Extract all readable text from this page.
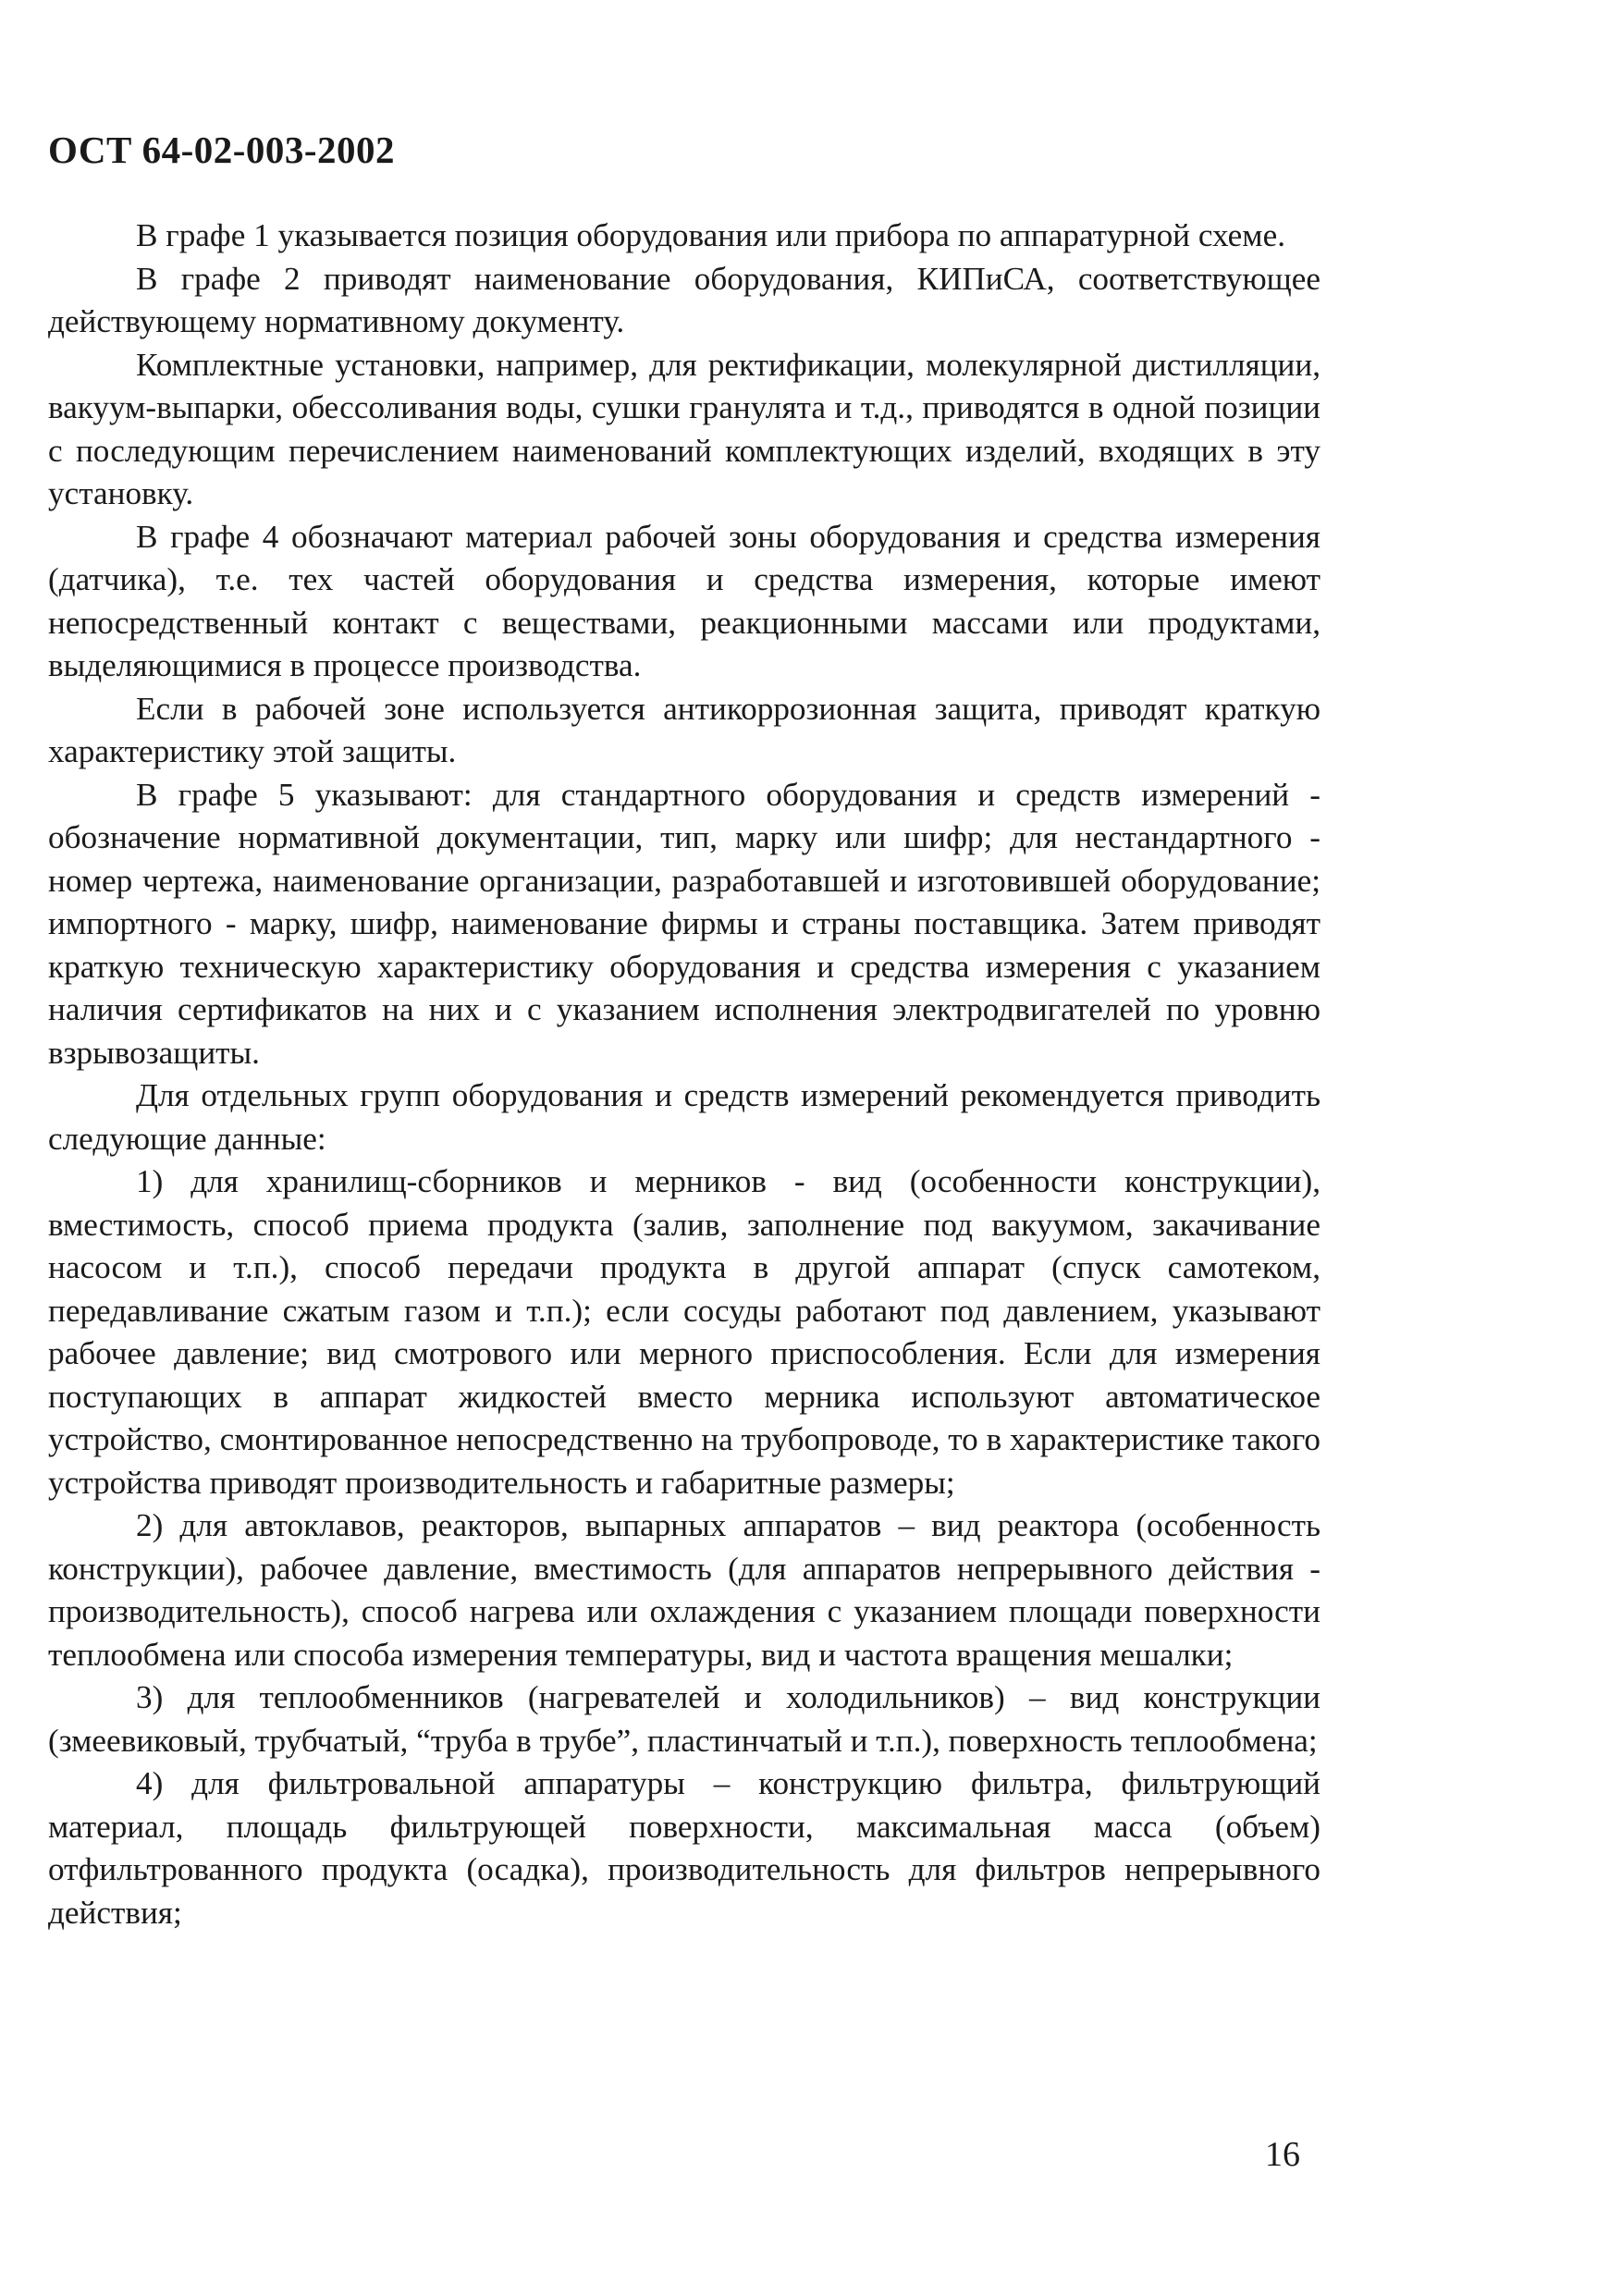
ОСТ 64-02-003-2002

В графе 1 указывается позиция оборудования или прибора по аппаратурной схеме.

В графе 2 приводят наименование оборудования, КИПиСА, соответствующее действующему нормативному документу.

Комплектные установки, например, для ректификации, молекулярной дистилляции, вакуум-выпарки, обессоливания воды, сушки гранулята и т.д., приводятся в одной позиции с последующим перечислением наименований комплектующих изделий, входящих в эту установку.

В графе 4 обозначают материал рабочей зоны оборудования и средства измерения (датчика), т.е. тех частей оборудования и средства измерения, которые имеют непосредственный контакт с веществами, реакционными массами или продуктами, выделяющимися в процессе производства.

Если в рабочей зоне используется антикоррозионная защита, приводят краткую характеристику этой защиты.

В графе 5 указывают: для стандартного оборудования и средств измерений - обозначение нормативной документации, тип, марку или шифр; для нестандартного - номер чертежа, наименование организации, разработавшей и изготовившей оборудование; импортного - марку, шифр, наименование фирмы и страны поставщика. Затем приводят краткую техническую характеристику оборудования и средства измерения с указанием наличия сертификатов на них и с указанием исполнения электродвигателей по уровню взрывозащиты.

Для отдельных групп оборудования и средств измерений рекомендуется приводить следующие данные:

1) для хранилищ-сборников и мерников - вид (особенности конструкции), вместимость, способ приема продукта (залив, заполнение под вакуумом, закачивание насосом и т.п.), способ передачи продукта в другой аппарат (спуск самотеком, передавливание сжатым газом и т.п.); если сосуды работают под давлением, указывают рабочее давление; вид смотрового или мерного приспособления. Если для измерения поступающих в аппарат жидкостей вместо мерника используют автоматическое устройство, смонтированное непосредственно на трубопроводе, то в характеристике такого устройства приводят производительность и габаритные размеры;

2) для автоклавов, реакторов, выпарных аппаратов – вид реактора (особенность конструкции), рабочее давление, вместимость (для аппаратов непрерывного действия - производительность), способ нагрева или охлаждения с указанием площади поверхности теплообмена или способа измерения температуры, вид и частота вращения мешалки;

3) для теплообменников (нагревателей и холодильников) – вид конструкции (змеевиковый, трубчатый, “труба в трубе”, пластинчатый и т.п.), поверхность теплообмена;

4) для фильтровальной аппаратуры – конструкцию фильтра, фильтрующий материал, площадь фильтрующей поверхности, максимальная масса (объем) отфильтрованного продукта (осадка), производительность для фильтров непрерывного действия;

16
